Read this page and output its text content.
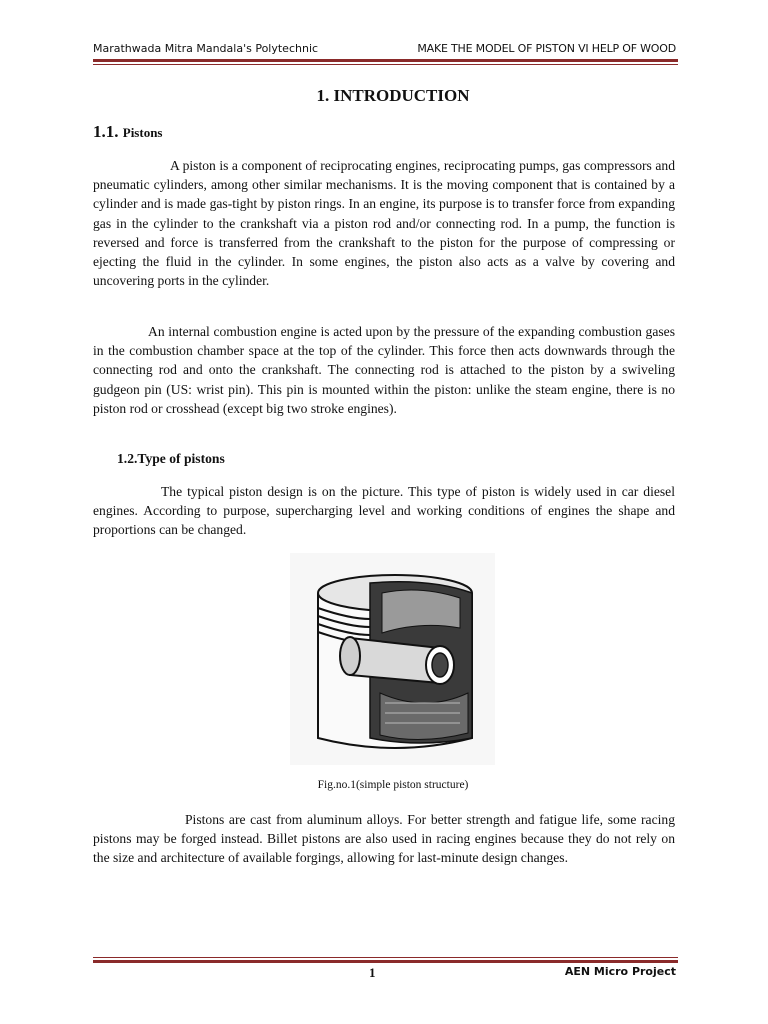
Marathwada Mitra Mandala's Polytechnic	MAKE THE MODEL OF PISTON VI HELP OF WOOD
1. INTRODUCTION
1.1. Pistons
A piston is a component of reciprocating engines, reciprocating pumps, gas compressors and pneumatic cylinders, among other similar mechanisms. It is the moving component that is contained by a cylinder and is made gas-tight by piston rings. In an engine, its purpose is to transfer force from expanding gas in the cylinder to the crankshaft via a piston rod and/or connecting rod. In a pump, the function is reversed and force is transferred from the crankshaft to the piston for the purpose of compressing or ejecting the fluid in the cylinder. In some engines, the piston also acts as a valve by covering and uncovering ports in the cylinder.
An internal combustion engine is acted upon by the pressure of the expanding combustion gases in the combustion chamber space at the top of the cylinder. This force then acts downwards through the connecting rod and onto the crankshaft. The connecting rod is attached to the piston by a swiveling gudgeon pin (US: wrist pin). This pin is mounted within the piston: unlike the steam engine, there is no piston rod or crosshead (except big two stroke engines).
1.2.Type of pistons
The typical piston design is on the picture. This type of piston is widely used in car diesel engines. According to purpose, supercharging level and working conditions of engines the shape and proportions can be changed.
Fig.no.1(simple piston structure)
Pistons are cast from aluminum alloys. For better strength and fatigue life, some racing pistons may be forged instead. Billet pistons are also used in racing engines because they do not rely on the size and architecture of available forgings, allowing for last-minute design changes.
1	AEN Micro Project
